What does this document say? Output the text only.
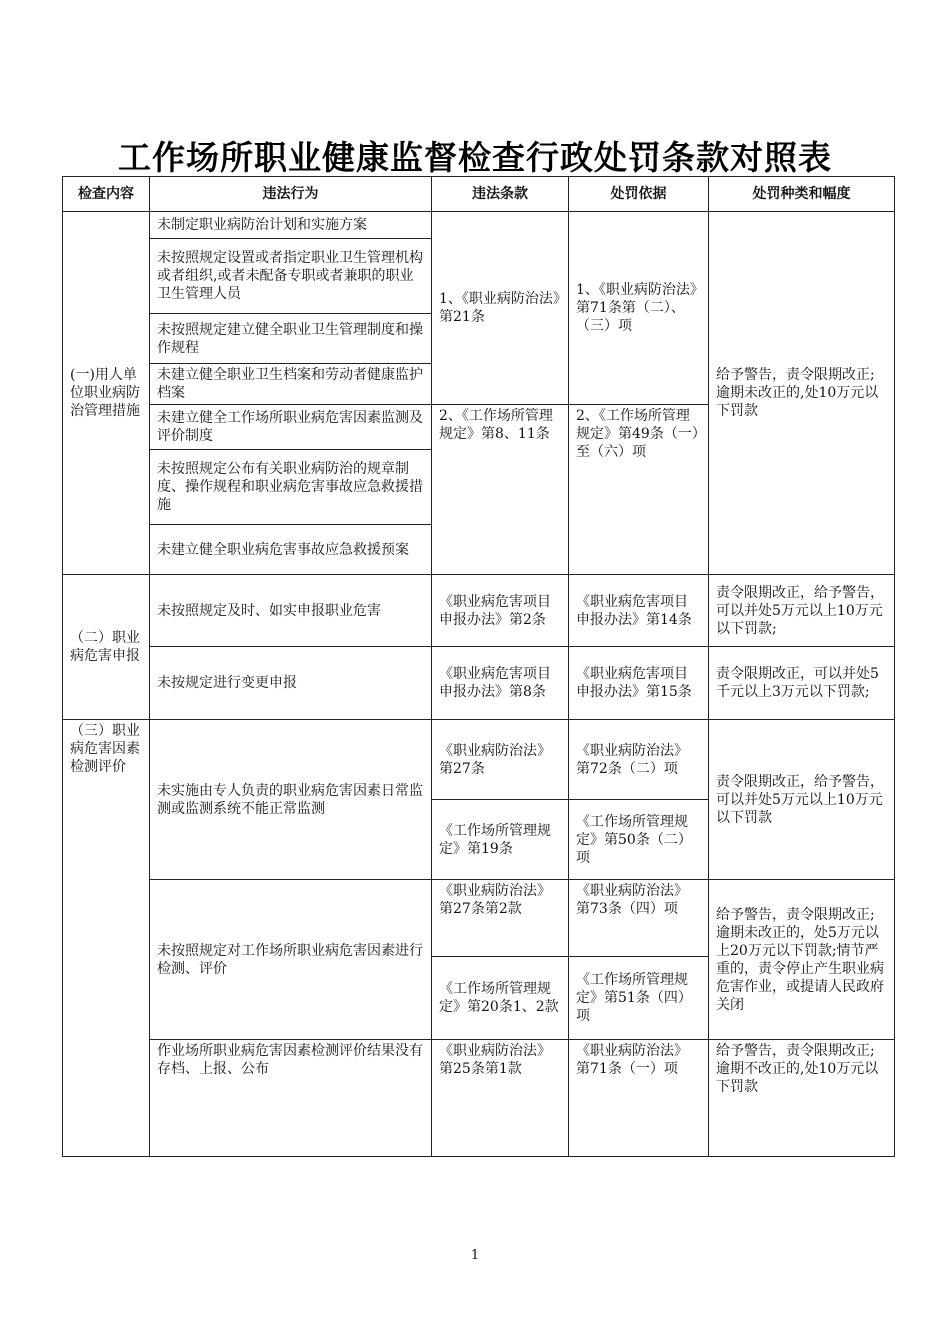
工作场所职业健康监督检查行政处罚条款对照表
检查内容	违法行为	违法条款	处罚依据	处罚种类和幅度
(一)用人单位职业病防治管理措施	未制定职业病防治计划和实施方案	1、《职业病防治法》第21条	1、《职业病防治法》第71条第（二）、（三）项	给予警告，责令限期改正;逾期未改正的,处10万元以下罚款
	未按照规定设置或者指定职业卫生管理机构或者组织,或者未配备专职或者兼职的职业卫生管理人员			
	未按照规定建立健全职业卫生管理制度和操作规程			
	未建立健全职业卫生档案和劳动者健康监护档案			
	未建立健全工作场所职业病危害因素监测及评价制度	2、《工作场所管理规定》第8、11条	2、《工作场所管理规定》第49条（一）至（六）项	
	未按照规定公布有关职业病防治的规章制度、操作规程和职业病危害事故应急救援措施			
	未建立健全职业病危害事故应急救援预案			
（二）职业病危害申报	未按照规定及时、如实申报职业危害	《职业病危害项目申报办法》第2条	《职业病危害项目申报办法》第14条	责令限期改正，给予警告，可以并处5万元以上10万元以下罚款;
	未按规定进行变更申报	《职业病危害项目申报办法》第8条	《职业病危害项目申报办法》第15条	责令限期改正，可以并处5千元以上3万元以下罚款;
（三）职业病危害因素检测评价	未实施由专人负责的职业病危害因素日常监测或监测系统不能正常监测	《职业病防治法》第27条	《职业病防治法》第72条（二）项	责令限期改正，给予警告，可以并处5万元以上10万元以下罚款
		《工作场所管理规定》第19条	《工作场所管理规定》第50条（二）项	
	未按照规定对工作场所职业病危害因素进行检测、评价	《职业病防治法》第27条第2款	《职业病防治法》第73条（四）项	给予警告，责令限期改正;逾期未改正的，处5万元以上20万元以下罚款;情节严重的，责令停止产生职业病危害作业，或提请人民政府关闭
		《工作场所管理规定》第20条1、2款	《工作场所管理规定》第51条（四）项	
	作业场所职业病危害因素检测评价结果没有存档、上报、公布	《职业病防治法》第25条第1款	《职业病防治法》第71条（一）项	给予警告，责令限期改正;逾期不改正的,处10万元以下罚款
1
